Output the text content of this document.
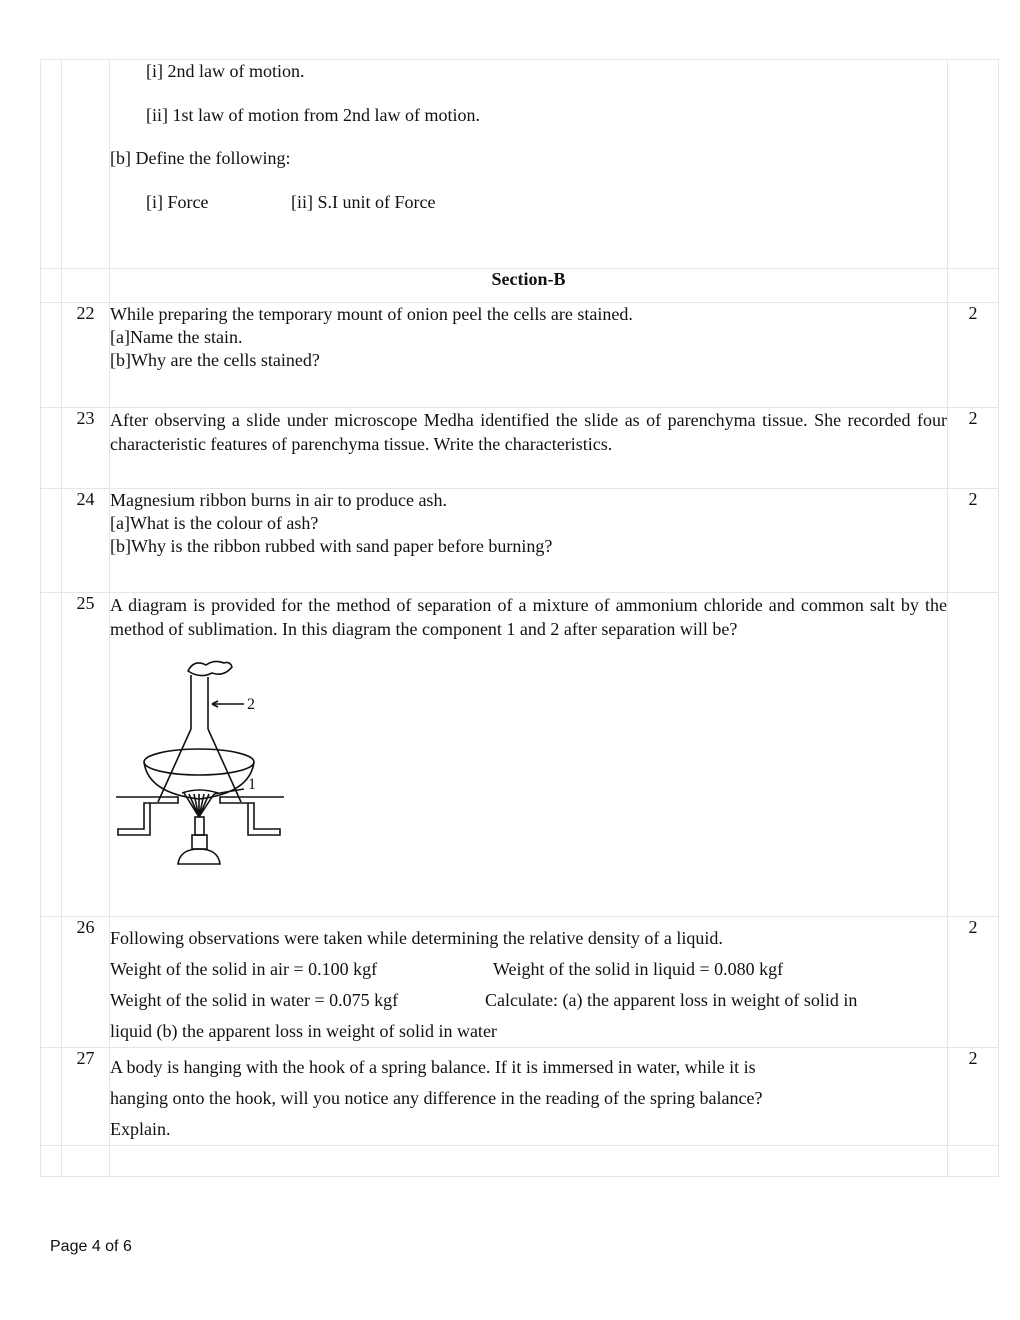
		[i] 2nd law of motion.
[ii] 1st law of motion from 2nd law of motion.
[b] Define the following:
[i] Force [ii] S.I unit of Force	

		Section-B	
	22	While preparing the temporary mount of onion peel the cells are stained.

[a]Name the stain.

[b]Why are the cells stained?	2
	23	After observing a slide under microscope Medha identified the slide as of parenchyma tissue. She recorded four characteristic features of parenchyma tissue. Write the characteristics.	2
	24	Magnesium ribbon burns in air to produce ash.

[a]What is the colour of ash?

[b]Why is the ribbon rubbed with sand paper before burning?	2
	25	A diagram is provided for the method of separation of a mixture of ammonium chloride and common salt by the method of sublimation. In this diagram the component 1 and 2 after separation will be?

2
1	

	26	Following observations were taken while determining the relative density of a liquid.

Weight of the solid in air = 0.100 kgf Weight of the solid in liquid = 0.080 kgf

Weight of the solid in water = 0.075 kgf Calculate: (a) the apparent loss in weight of solid in

liquid (b) the apparent loss in weight of solid in water	2
	27	A body is hanging with the hook of a spring balance. If it is immersed in water, while it is

hanging onto the hook, will you notice any difference in the reading of the spring balance?

Explain.	2

Page 4 of 6
